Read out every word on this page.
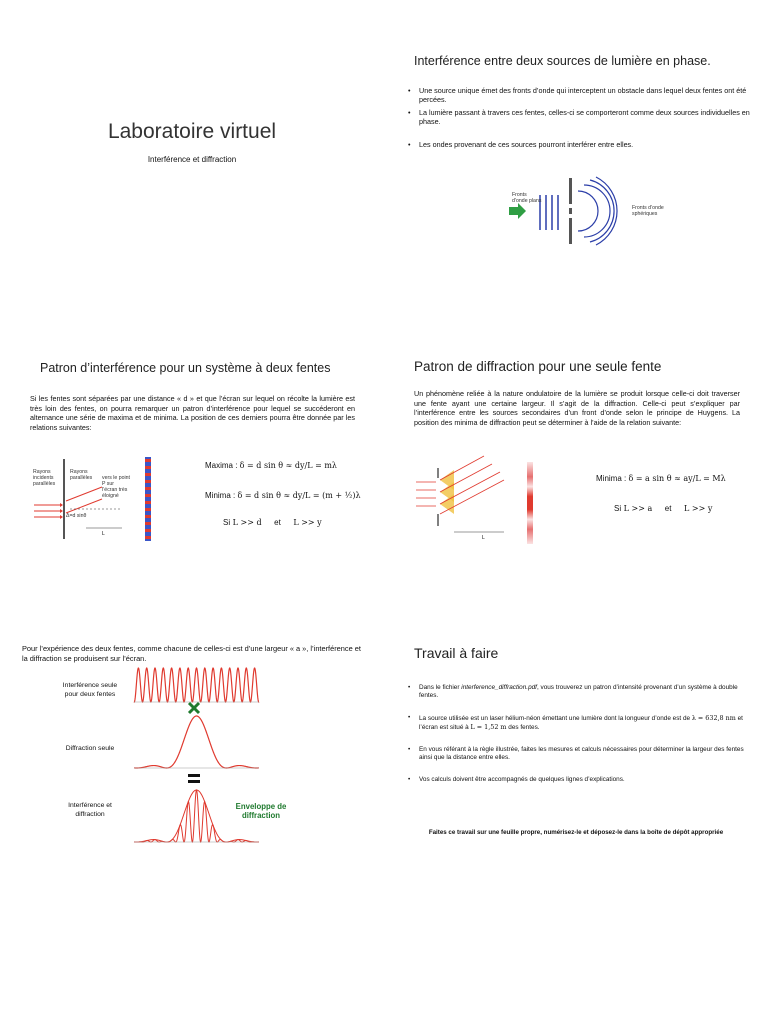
Laboratoire virtuel
Interférence et diffraction
Interférence entre deux sources de lumière en phase.
• Une source unique émet des fronts d’onde qui interceptent un obstacle dans lequel deux fentes ont été percées.
• La lumière passant à travers ces fentes, celles-ci se comporteront comme deux sources individuelles en phase.
• Les ondes provenant de ces sources pourront interférer entre elles.
Fronts d’onde plans
Fronts d’onde sphériques
Patron d’interférence pour un système à deux fentes
Si les fentes sont séparées par une distance « d » et que l’écran sur lequel on récolte la lumière est très loin des fentes, on pourra remarquer un patron d’interférence pour lequel se succéderont en alternance une série de maxima et de minima. La position de ces derniers pourra être donnée par les relations suivantes:
L
Rayons incidents parallèles
Rayons parallèles	vers le point P sur l’écran très éloigné
Δ=d sinθ
Maxima : δ = d sin θ ≈ dy/L = mλ
Minima : δ = d sin θ ≈ dy/L = (m + ½)λ
Si L >> d et L >> y
Patron de diffraction pour une seule fente
Un phénomène reliée à la nature ondulatoire de la lumière se produit lorsque celle-ci doit traverser une fente ayant une certaine largeur. Il s’agit de la diffraction. Celle-ci peut s’expliquer par l’interférence entre les sources secondaires d’un front d’onde selon le principe de Huygens. La position des minima de diffraction peut se déterminer à l’aide de la relation suivante:
L
Minima : δ = a sin θ ≈ ay/L = Mλ
Si L >> a et L >> y
Pour l’expérience des deux fentes, comme chacune de celles-ci est d’une largeur « a », l’interférence et la diffraction se produisent sur l’écran.
Interférence seule pour deux fentes
Diffraction seule
Interférence et diffraction
Enveloppe de diffraction
Travail à faire
• Dans le fichier interference_diffraction.pdf, vous trouverez un patron d’intensité provenant d’un système à double fentes.
• La source utilisée est un laser hélium-néon émettant une lumière dont la longueur d’onde est de λ = 632,8 nm et l’écran est situé à L = 1,52 m des fentes.
• En vous référant à la règle illustrée, faites les mesures et calculs nécessaires pour déterminer la largeur des fentes ainsi que la distance entre elles.
• Vos calculs doivent être accompagnés de quelques lignes d’explications.
Faites ce travail sur une feuille propre, numérisez-le et déposez-le dans la boîte de dépôt appropriée
